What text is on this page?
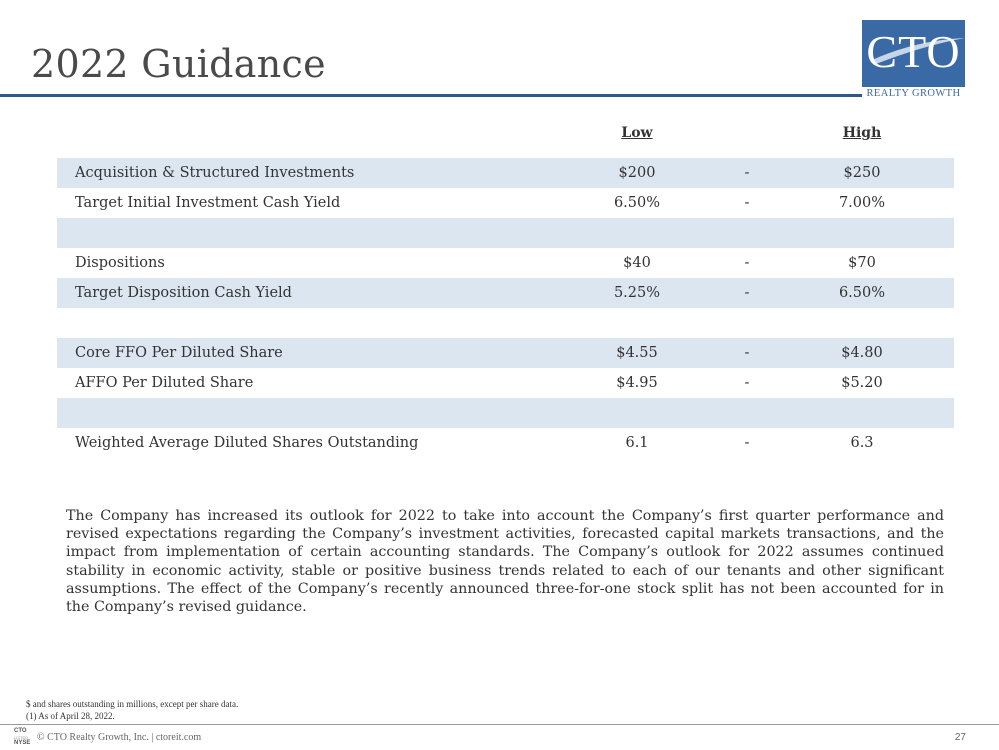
2022 Guidance	CTO
REALTY GROWTH
Low	High
Acquisition & Structured Investments	$200	-	$250
Target Initial Investment Cash Yield	6.50%	-	7.00%
Dispositions	$40	-	$70
Target Disposition Cash Yield	5.25%	-	6.50%
Core FFO Per Diluted Share	$4.55	-	$4.80
AFFO Per Diluted Share	$4.95	-	$5.20
Weighted Average Diluted Shares Outstanding	6.1	-	6.3
The Company has increased its outlook for 2022 to take into account the Company’s first quarter performance and revised expectations regarding the Company’s investment activities, forecasted capital markets transactions, and the impact from implementation of certain accounting standards. The Company’s outlook for 2022 assumes continued stability in economic activity, stable or positive business trends related to each of our tenants and other significant assumptions. The effect of the Company’s recently announced three-for-one stock split has not been accounted for in the Company’s revised guidance.
$ and shares outstanding in millions, except per share data.
(1) As of April 28, 2022.
CTO
LISTED
NYSE © CTO Realty Growth, Inc. | ctoreit.com	27
